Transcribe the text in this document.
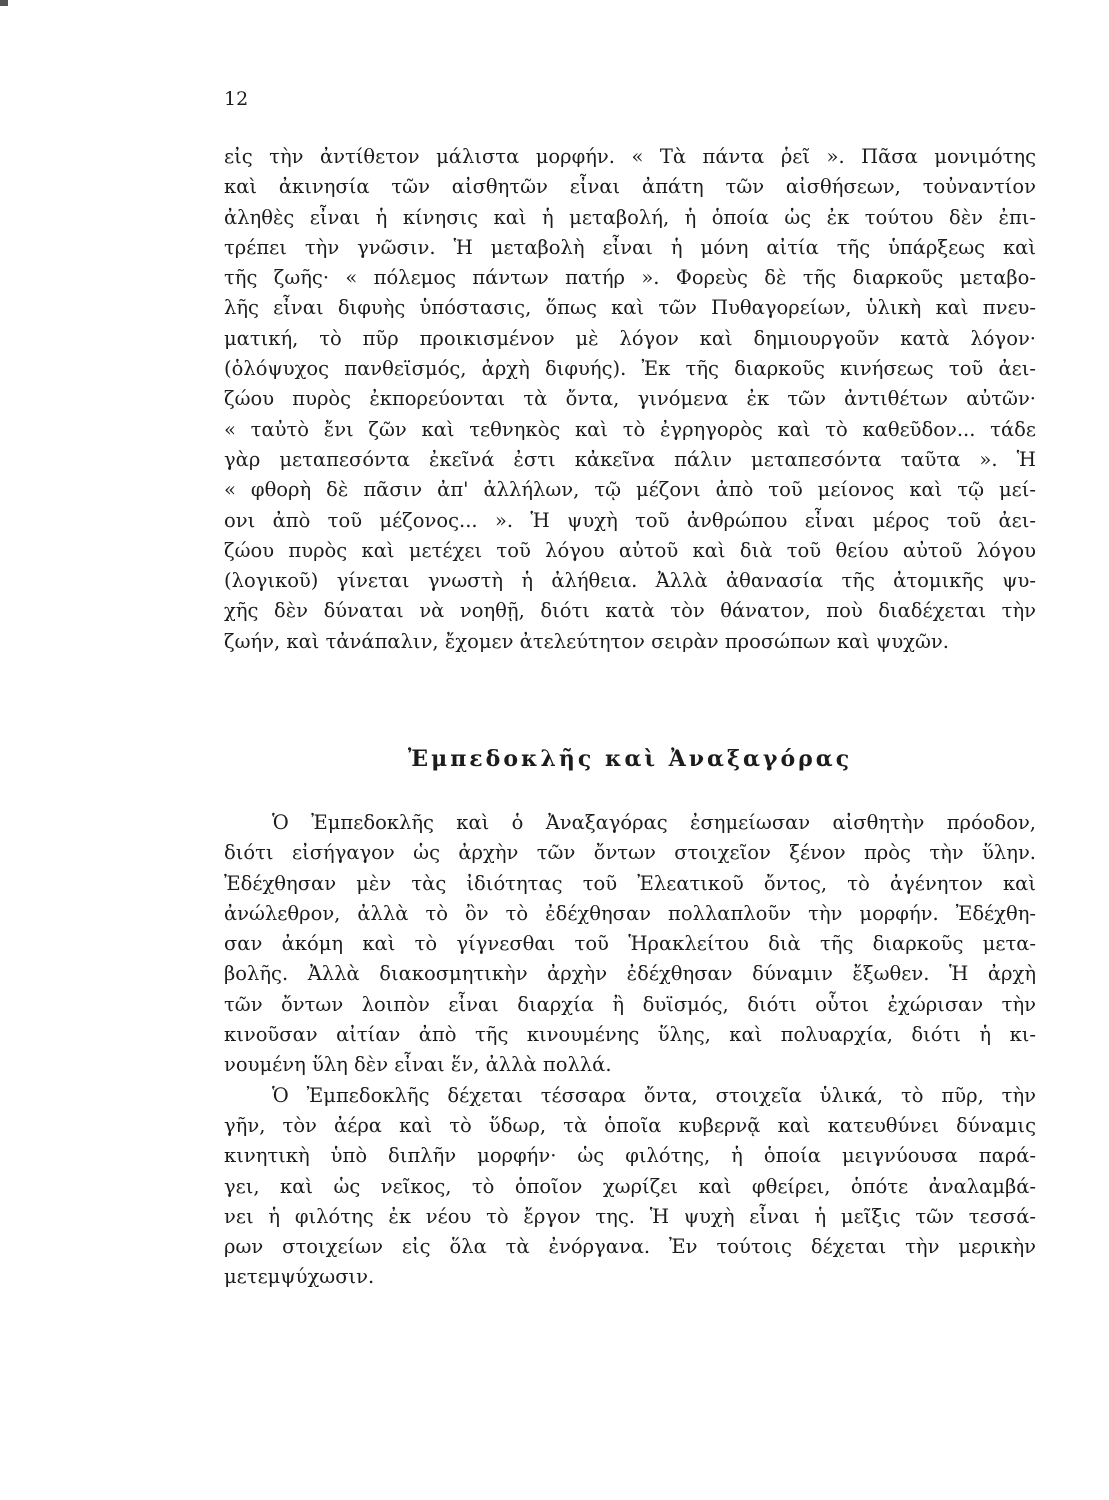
12
εἰς τὴν ἀντίθετον μάλιστα μορφήν. « Τὰ πάντα ῥεῖ ». Πᾶσα μονιμότης
καὶ ἀκινησία τῶν αἰσθητῶν εἶναι ἀπάτη τῶν αἰσθήσεων, τοὐναντίον
ἀληθὲς εἶναι ἡ κίνησις καὶ ἡ μεταβολή, ἡ ὁποία ὡς ἐκ τούτου δὲν ἐπι-
τρέπει τὴν γνῶσιν. Ἡ μεταβολὴ εἶναι ἡ μόνη αἰτία τῆς ὑπάρξεως καὶ
τῆς ζωῆς· « πόλεμος πάντων πατήρ ». Φορεὺς δὲ τῆς διαρκοῦς μεταβο-
λῆς εἶναι διφυὴς ὑπόστασις, ὅπως καὶ τῶν Πυθαγορείων, ὑλικὴ καὶ πνευ-
ματική, τὸ πῦρ προικισμένον μὲ λόγον καὶ δημιουργοῦν κατὰ λόγον·
(ὁλόψυχος πανθεϊσμός, ἀρχὴ διφυής). Ἐκ τῆς διαρκοῦς κινήσεως τοῦ ἀει-
ζώου πυρὸς ἐκπορεύονται τὰ ὄντα, γινόμενα ἐκ τῶν ἀντιθέτων αὐτῶν·
« ταὐτὸ ἔνι ζῶν καὶ τεθνηκὸς καὶ τὸ ἐγρηγορὸς καὶ τὸ καθεῦδον... τάδε
γὰρ μεταπεσόντα ἐκεῖνά ἐστι κἀκεῖνα πάλιν μεταπεσόντα ταῦτα ». Ἡ
« φθορὴ δὲ πᾶσιν ἀπ' ἀλλήλων, τῷ μέζονι ἀπὸ τοῦ μείονος καὶ τῷ μεί-
ονι ἀπὸ τοῦ μέζονος... ». Ἡ ψυχὴ τοῦ ἀνθρώπου εἶναι μέρος τοῦ ἀει-
ζώου πυρὸς καὶ μετέχει τοῦ λόγου αὐτοῦ καὶ διὰ τοῦ θείου αὐτοῦ λόγου
(λογικοῦ) γίνεται γνωστὴ ἡ ἀλήθεια. Ἀλλὰ ἀθανασία τῆς ἀτομικῆς ψυ-
χῆς δὲν δύναται νὰ νοηθῇ, διότι κατὰ τὸν θάνατον, ποὺ διαδέχεται τὴν
ζωήν, καὶ τἀνάπαλιν, ἔχομεν ἀτελεύτητον σειρὰν προσώπων καὶ ψυχῶν.
Ἐμπεδοκλῆς καὶ Ἀναξαγόρας
Ὁ Ἐμπεδοκλῆς καὶ ὁ Ἀναξαγόρας ἐσημείωσαν αἰσθητὴν πρόοδον,
διότι εἰσήγαγον ὡς ἀρχὴν τῶν ὄντων στοιχεῖον ξένον πρὸς τὴν ὕλην.
Ἐδέχθησαν μὲν τὰς ἰδιότητας τοῦ Ἐλεατικοῦ ὄντος, τὸ ἀγένητον καὶ
ἀνώλεθρον, ἀλλὰ τὸ ὂν τὸ ἐδέχθησαν πολλαπλοῦν τὴν μορφήν. Ἐδέχθη-
σαν ἀκόμη καὶ τὸ γίγνεσθαι τοῦ Ἡρακλείτου διὰ τῆς διαρκοῦς μετα-
βολῆς. Ἀλλὰ διακοσμητικὴν ἀρχὴν ἐδέχθησαν δύναμιν ἔξωθεν. Ἡ ἀρχὴ
τῶν ὄντων λοιπὸν εἶναι διαρχία ἢ δυϊσμός, διότι οὗτοι ἐχώρισαν τὴν
κινοῦσαν αἰτίαν ἀπὸ τῆς κινουμένης ὕλης, καὶ πολυαρχία, διότι ἡ κι-
νουμένη ὕλη δὲν εἶναι ἕν, ἀλλὰ πολλά.
Ὁ Ἐμπεδοκλῆς δέχεται τέσσαρα ὄντα, στοιχεῖα ὑλικά, τὸ πῦρ, τὴν
γῆν, τὸν ἀέρα καὶ τὸ ὕδωρ, τὰ ὁποῖα κυβερνᾷ καὶ κατευθύνει δύναμις
κινητικὴ ὑπὸ διπλῆν μορφήν· ὡς φιλότης, ἡ ὁποία μειγνύουσα παρά-
γει, καὶ ὡς νεῖκος, τὸ ὁποῖον χωρίζει καὶ φθείρει, ὁπότε ἀναλαμβά-
νει ἡ φιλότης ἐκ νέου τὸ ἔργον της. Ἡ ψυχὴ εἶναι ἡ μεῖξις τῶν τεσσά-
ρων στοιχείων εἰς ὅλα τὰ ἐνόργανα. Ἐν τούτοις δέχεται τὴν μερικὴν
μετεμψύχωσιν.
